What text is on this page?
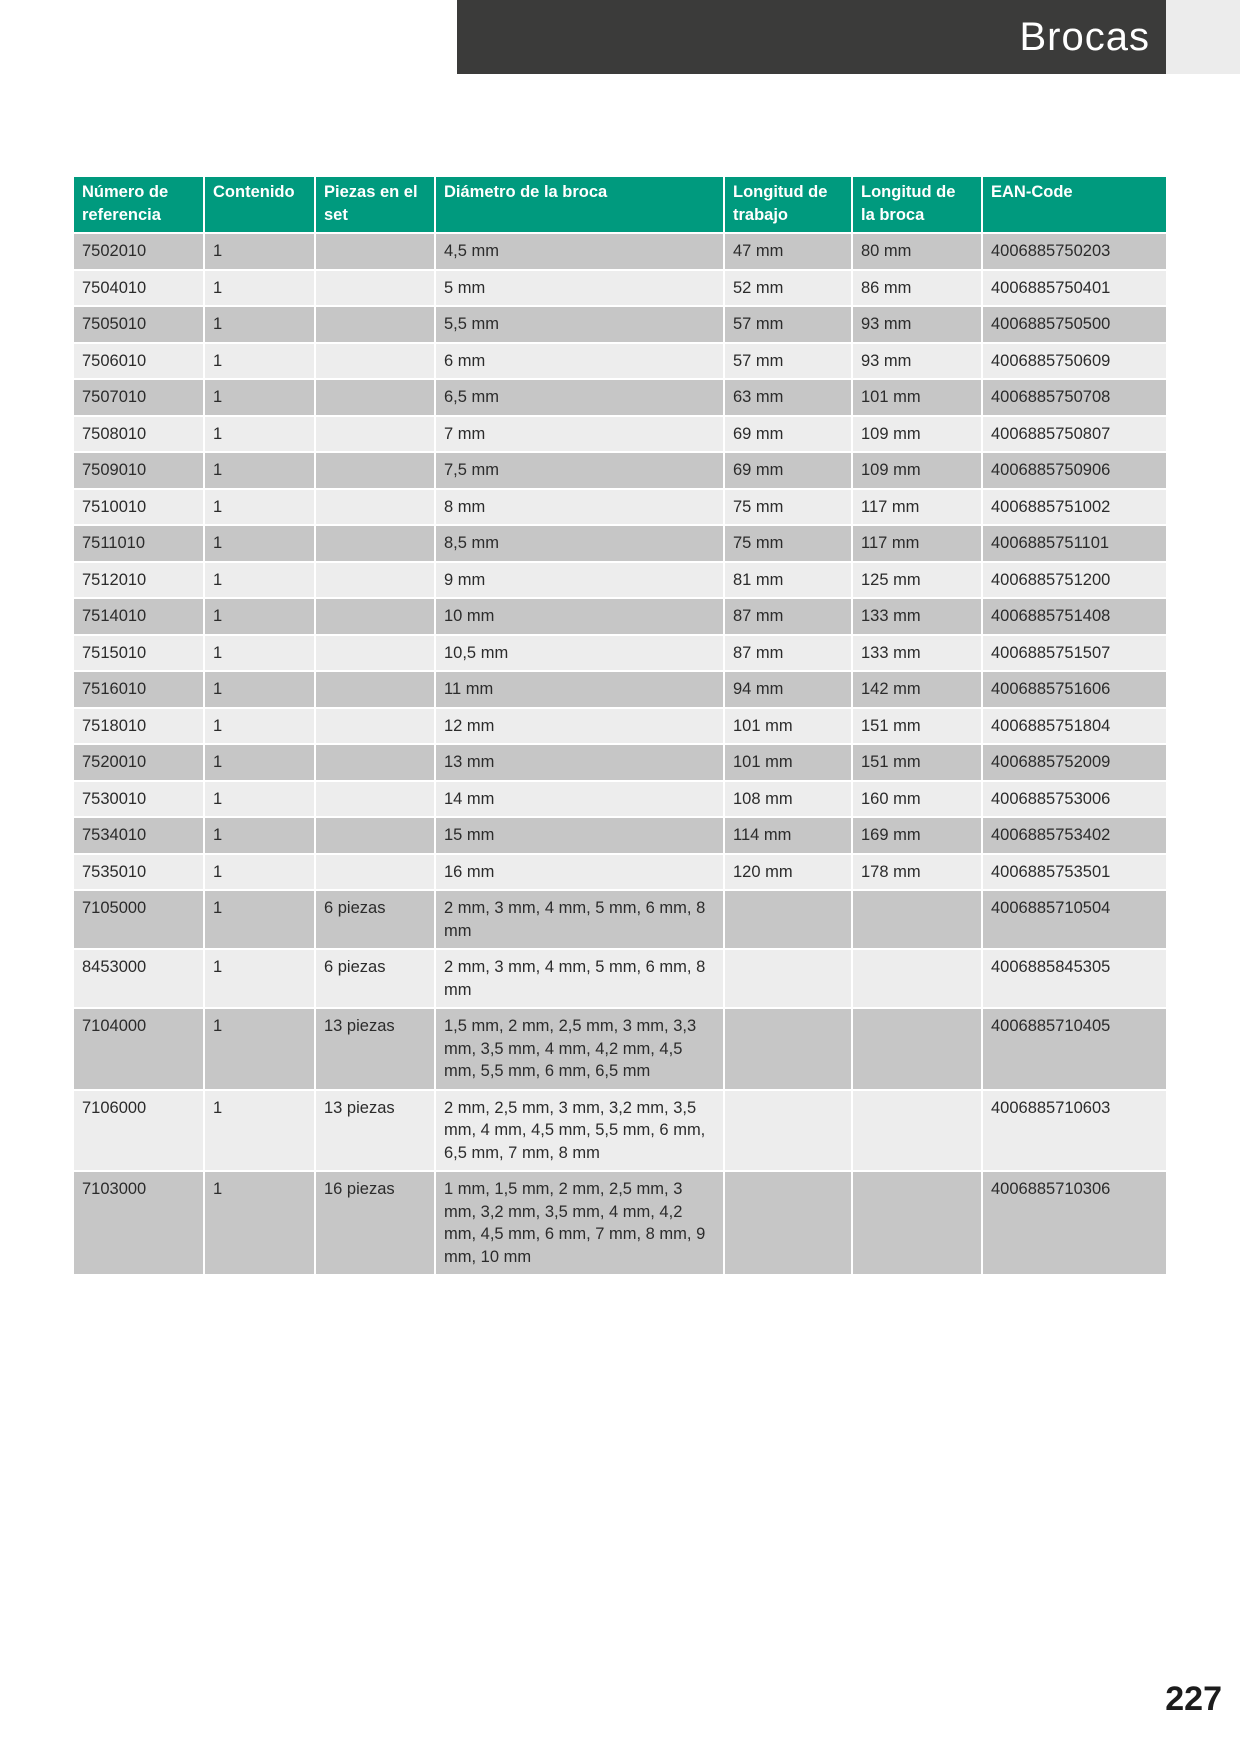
Brocas
Número de referencia	Contenido	Piezas en el set	Diámetro de la broca	Longitud de trabajo	Longitud de la broca	EAN-Code
7502010	1		4,5 mm	47 mm	80 mm	4006885750203
7504010	1		5 mm	52 mm	86 mm	4006885750401
7505010	1		5,5 mm	57 mm	93 mm	4006885750500
7506010	1		6 mm	57 mm	93 mm	4006885750609
7507010	1		6,5 mm	63 mm	101 mm	4006885750708
7508010	1		7 mm	69 mm	109 mm	4006885750807
7509010	1		7,5 mm	69 mm	109 mm	4006885750906
7510010	1		8 mm	75 mm	117 mm	4006885751002
7511010	1		8,5 mm	75 mm	117 mm	4006885751101
7512010	1		9 mm	81 mm	125 mm	4006885751200
7514010	1		10 mm	87 mm	133 mm	4006885751408
7515010	1		10,5 mm	87 mm	133 mm	4006885751507
7516010	1		11 mm	94 mm	142 mm	4006885751606
7518010	1		12 mm	101 mm	151 mm	4006885751804
7520010	1		13 mm	101 mm	151 mm	4006885752009
7530010	1		14 mm	108 mm	160 mm	4006885753006
7534010	1		15 mm	114 mm	169 mm	4006885753402
7535010	1		16 mm	120 mm	178 mm	4006885753501
7105000	1	6 piezas	2 mm, 3 mm, 4 mm, 5 mm, 6 mm, 8 mm			4006885710504
8453000	1	6 piezas	2 mm, 3 mm, 4 mm, 5 mm, 6 mm, 8 mm			4006885845305
7104000	1	13 piezas	1,5 mm, 2 mm, 2,5 mm, 3 mm, 3,3 mm, 3,5 mm, 4 mm, 4,2 mm, 4,5 mm, 5,5 mm, 6 mm, 6,5 mm			4006885710405
7106000	1	13 piezas	2 mm, 2,5 mm, 3 mm, 3,2 mm, 3,5 mm, 4 mm, 4,5 mm, 5,5 mm, 6 mm, 6,5 mm, 7 mm, 8 mm			4006885710603
7103000	1	16 piezas	1 mm, 1,5 mm, 2 mm, 2,5 mm, 3 mm, 3,2 mm, 3,5 mm, 4 mm, 4,2 mm, 4,5 mm, 6 mm, 7 mm, 8 mm, 9 mm, 10 mm			4006885710306
227
